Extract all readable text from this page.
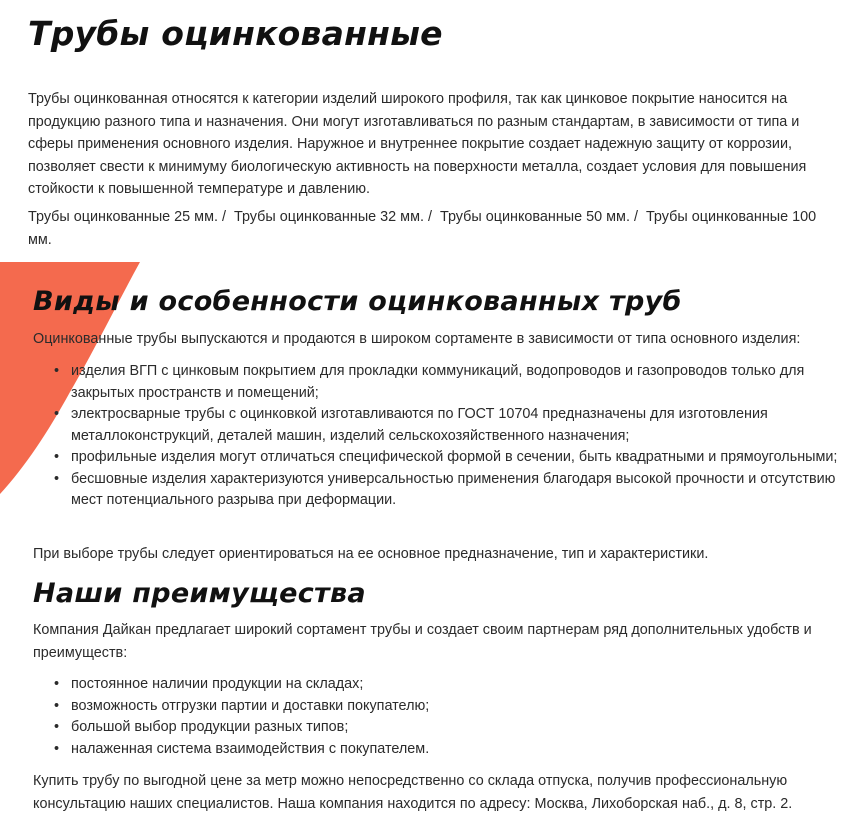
Трубы оцинкованные

Трубы оцинкованная относятся к категории изделий широкого профиля, так как цинковое покрытие наносится на продукцию разного типа и назначения. Они могут изготавливаться по разным стандартам, в зависимости от типа и сферы применения основного изделия. Наружное и внутреннее покрытие создает надежную защиту от коррозии, позволяет свести к минимуму биологическую активность на поверхности металла, создает условия для повышения стойкости к повышенной температуре и давлению.

Трубы оцинкованные 25 мм. / Трубы оцинкованные 32 мм. / Трубы оцинкованные 50 мм. / Трубы оцинкованные 100 мм.

Виды и особенности оцинкованных труб

Оцинкованные трубы выпускаются и продаются в широком сортаменте в зависимости от типа основного изделия:

• изделия ВГП с цинковым покрытием для прокладки коммуникаций, водопроводов и газопроводов только для закрытых пространств и помещений;
• электросварные трубы с оцинковкой изготавливаются по ГОСТ 10704 предназначены для изготовления металлоконструкций, деталей машин, изделий сельскохозяйственного назначения;
• профильные изделия могут отличаться специфической формой в сечении, быть квадратными и прямоугольными;
• бесшовные изделия характеризуются универсальностью применения благодаря высокой прочности и отсутствию мест потенциального разрыва при деформации.

При выборе трубы следует ориентироваться на ее основное предназначение, тип и характеристики.

Наши преимущества

Компания Дайкан предлагает широкий сортамент трубы и создает своим партнерам ряд дополнительных удобств и преимуществ:

• постоянное наличии продукции на складах;
• возможность отгрузки партии и доставки покупателю;
• большой выбор продукции разных типов;
• налаженная система взаимодействия с покупателем.

Купить трубу по выгодной цене за метр можно непосредственно со склада отпуска, получив профессиональную консультацию наших специалистов. Наша компания находится по адресу: Москва, Лихоборская наб., д. 8, стр. 2.
